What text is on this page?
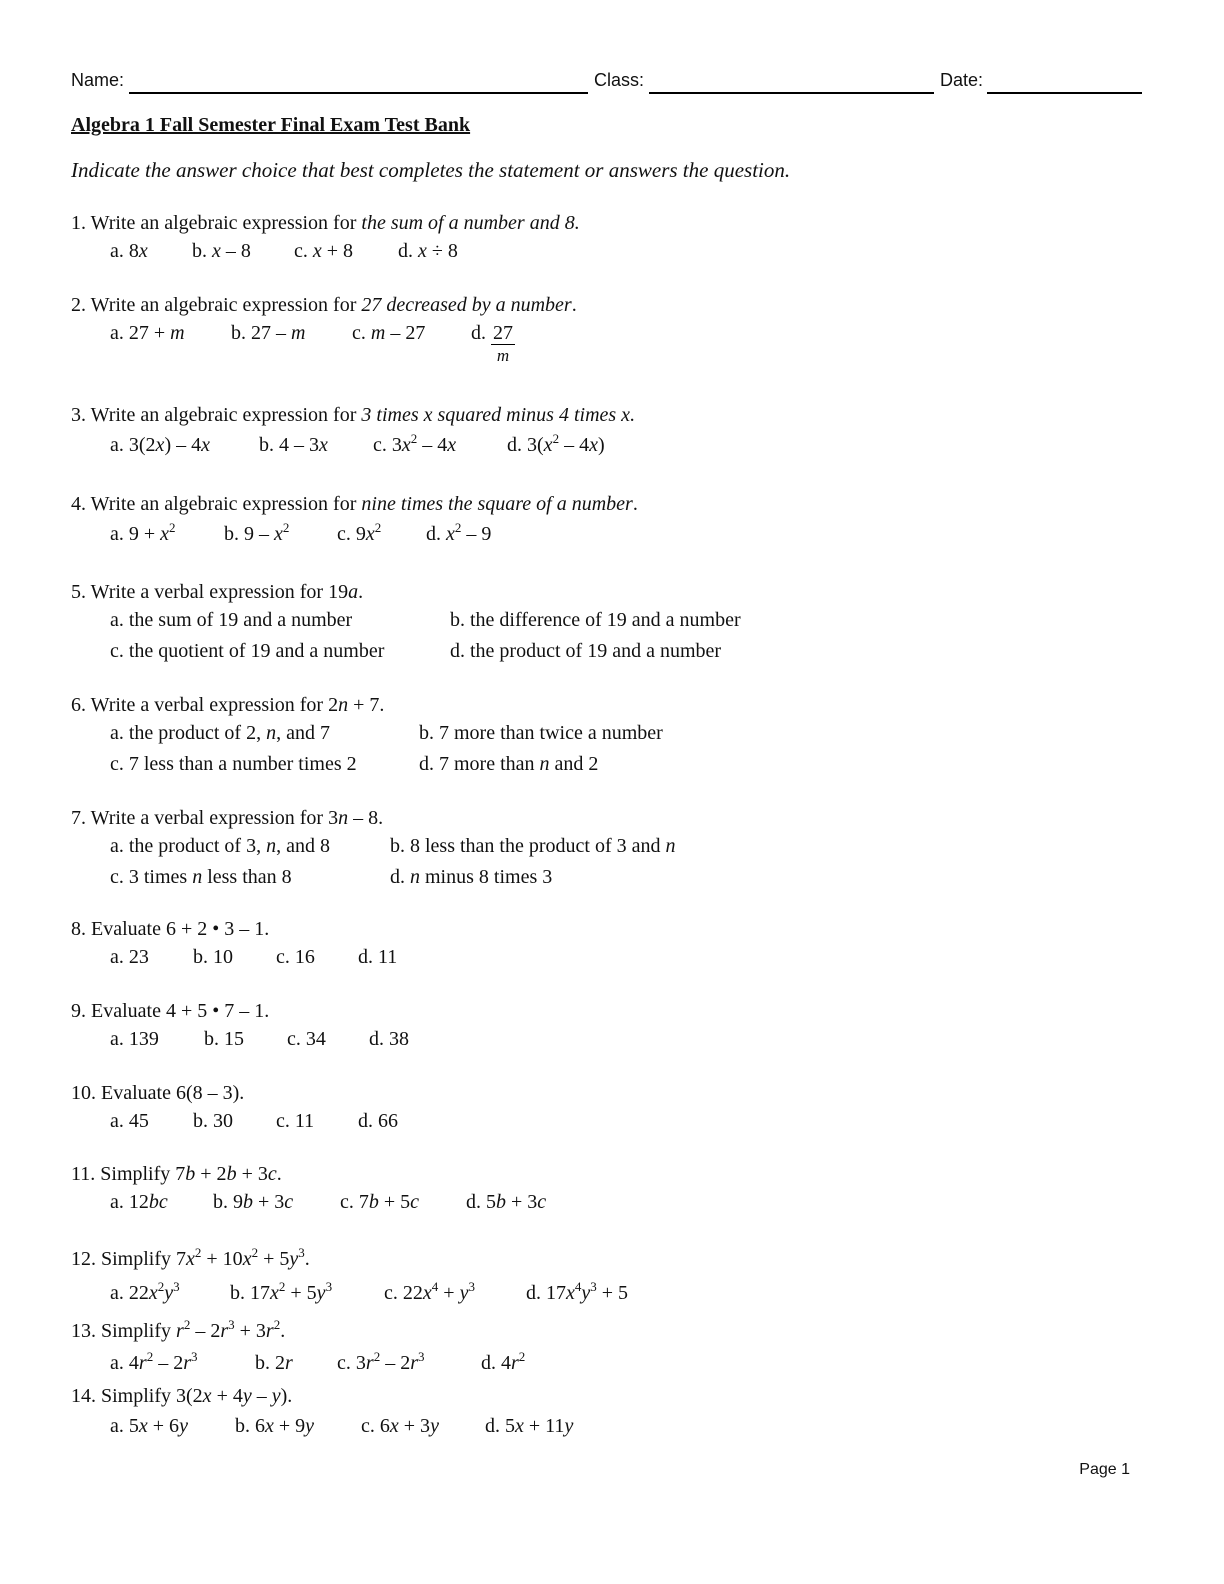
Name:	Class:	Date:
Algebra 1 Fall Semester Final Exam Test Bank
Indicate the answer choice that best completes the statement or answers the question.
1. Write an algebraic expression for the sum of a number and 8.
a. 8x b. x – 8 c. x + 8 d. x ÷ 8
2. Write an algebraic expression for 27 decreased by a number.
a. 27 + m b. 27 – m c. m – 27 d. $\frac{27}{m}$
3. Write an algebraic expression for 3 times x squared minus 4 times x.
a. 3(2x) – 4x b. 4 – 3x c. $3x^2 - 4x$	d. $3(x^2 - 4x)$
4. Write an algebraic expression for nine times the square of a number.
a. $9 + x^2$ b. $9 - x^2$ c. $9x^2$ d. $x^2 - 9$
5. Write a verbal expression for 19a.
a. the sum of 19 and a number	b. the difference of 19 and a number
c. the quotient of 19 and a number	d. the product of 19 and a number
6. Write a verbal expression for 2n + 7.
a. the product of 2, n, and 7	b. 7 more than twice a number
c. 7 less than a number times 2	d. 7 more than n and 2
7. Write a verbal expression for 3n – 8.
a. the product of 3, n, and 8	b. 8 less than the product of 3 and n
c. 3 times n less than 8	d. n minus 8 times 3
8. Evaluate 6 + 2 • 3 – 1.
a. 23 b. 10 c. 16 d. 11
9. Evaluate 4 + 5 • 7 – 1.
a. 139 b. 15 c. 34 d. 38
10. Evaluate 6(8 – 3).
a. 45 b. 30 c. 11 d. 66
11. Simplify 7b + 2b + 3c.
a. 12bc b. 9b + 3c c. 7b + 5c d. 5b + 3c
12. Simplify $7x^2 + 10x^2 + 5y^3$.
a. $22x^2y^3$	b. $17x^2 + 5y^3$	c. $22x^4 + y^3$	d. $17x^4y^3 + 5$
13. Simplify $r^2 - 2r^3 + 3r^2$.
a. $4r^2 - 2r^3$	b. 2r c. $3r^2 - 2r^3$	d. $4r^2$
14. Simplify 3(2x + 4y – y).
a. 5x + 6y b. 6x + 9y c. 6x + 3y d. 5x + 11y
Page 1
